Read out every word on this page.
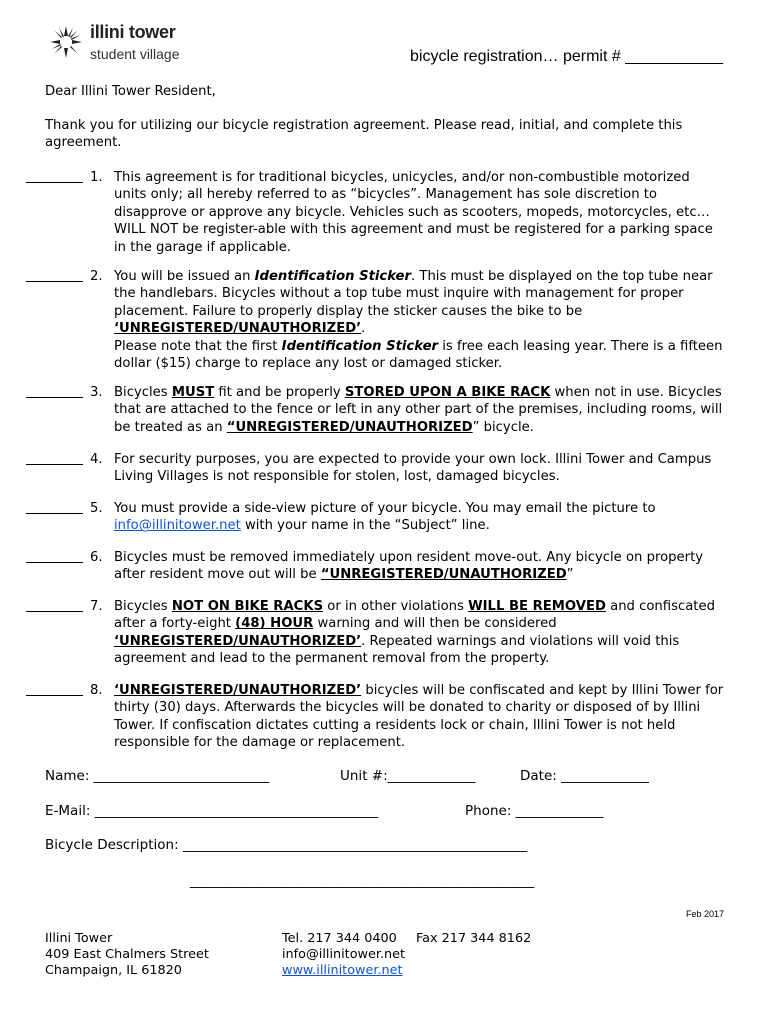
illini tower
student village	bicycle registration… permit # ___________
Dear Illini Tower Resident,
Thank you for utilizing our bicycle registration agreement. Please read, initial, and complete this agreement.
1. This agreement is for traditional bicycles, unicycles, and/or non-combustible motorized units only; all hereby referred to as “bicycles”. Management has sole discretion to disapprove or approve any bicycle. Vehicles such as scooters, mopeds, motorcycles, etc… WILL NOT be register-able with this agreement and must be registered for a parking space in the garage if applicable.
2. You will be issued an Identification Sticker. This must be displayed on the top tube near the handlebars. Bicycles without a top tube must inquire with management for proper placement. Failure to properly display the sticker causes the bike to be ‘UNREGISTERED/UNAUTHORIZED’.
Please note that the first Identification Sticker is free each leasing year. There is a fifteen dollar ($15) charge to replace any lost or damaged sticker.
3. Bicycles MUST fit and be properly STORED UPON A BIKE RACK when not in use. Bicycles that are attached to the fence or left in any other part of the premises, including rooms, will be treated as an “UNREGISTERED/UNAUTHORIZED” bicycle.
4. For security purposes, you are expected to provide your own lock. Illini Tower and Campus Living Villages is not responsible for stolen, lost, damaged bicycles.
5. You must provide a side-view picture of your bicycle. You may email the picture to info@illinitower.net with your name in the “Subject” line.
6. Bicycles must be removed immediately upon resident move-out. Any bicycle on property after resident move out will be “UNREGISTERED/UNAUTHORIZED”
7. Bicycles NOT ON BIKE RACKS or in other violations WILL BE REMOVED and confiscated after a forty-eight (48) HOUR warning and will then be considered ‘UNREGISTERED/UNAUTHORIZED’. Repeated warnings and violations will void this agreement and lead to the permanent removal from the property.
8. ‘UNREGISTERED/UNAUTHORIZED’ bicycles will be confiscated and kept by Illini Tower for thirty (30) days. Afterwards the bicycles will be donated to charity or disposed of by Illini Tower. If confiscation dictates cutting a residents lock or chain, Illini Tower is not held responsible for the damage or replacement.
Name: __________________________	Unit #:_____________	Date: _____________
E-Mail: __________________________________________	Phone: _____________
Bicycle Description: ___________________________________________________
___________________________________________________
Feb 2017
Illini Tower
409 East Chalmers Street
Champaign, IL 61820
Tel. 217 344 0400 Fax 217 344 8162
info@illinitower.net
www.illinitower.net
